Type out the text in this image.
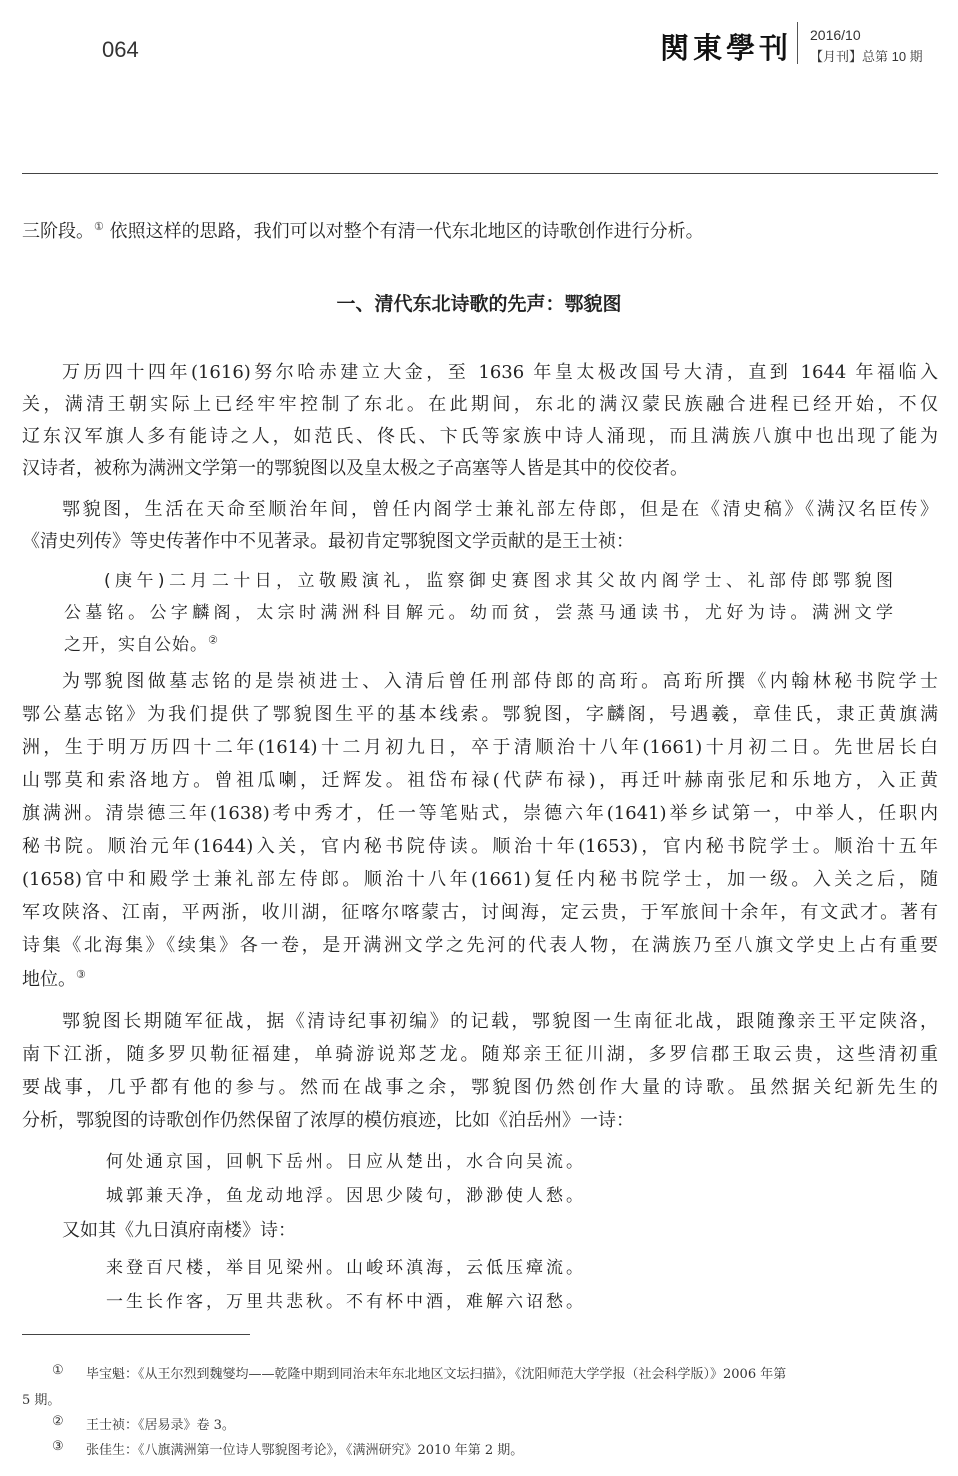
064	関東學刊 2016/10
【月刊】总第 10 期
三阶段。① 依照这样的思路，我们可以对整个有清一代东北地区的诗歌创作进行分析。
一、清代东北诗歌的先声：鄂貌图
万历四十四年(1616)努尔哈赤建立大金，至 1636 年皇太极改国号大清，直到 1644 年福临入
关，满清王朝实际上已经牢牢控制了东北。在此期间，东北的满汉蒙民族融合进程已经开始，不仅
辽东汉军旗人多有能诗之人，如范氏、佟氏、卞氏等家族中诗人涌现，而且满族八旗中也出现了能为
汉诗者，被称为满洲文学第一的鄂貌图以及皇太极之子高塞等人皆是其中的佼佼者。
鄂貌图，生活在天命至顺治年间，曾任内阁学士兼礼部左侍郎，但是在《清史稿》《满汉名臣传》
《清史列传》等史传著作中不见著录。最初肯定鄂貌图文学贡献的是王士祯：
(庚午)二月二十日，立敬殿演礼，监察御史赛图求其父故内阁学士、礼部侍郎鄂貌图
公墓铭。公字麟阁，太宗时满洲科目解元。幼而贫，尝蒸马通读书，尤好为诗。满洲文学
之开，实自公始。②
为鄂貌图做墓志铭的是崇祯进士、入清后曾任刑部侍郎的高珩。高珩所撰《内翰林秘书院学士
鄂公墓志铭》为我们提供了鄂貌图生平的基本线索。鄂貌图，字麟阁，号遇羲，章佳氏，隶正黄旗满
洲，生于明万历四十二年(1614)十二月初九日，卒于清顺治十八年(1661)十月初二日。先世居长白
山鄂莫和索洛地方。曾祖瓜喇，迁辉发。祖岱布禄(代萨布禄)，再迁叶赫南张尼和乐地方，入正黄
旗满洲。清崇德三年(1638)考中秀才，任一等笔贴式，崇德六年(1641)举乡试第一，中举人，任职内
秘书院。顺治元年(1644)入关，官内秘书院侍读。顺治十年(1653)，官内秘书院学士。顺治十五年
(1658)官中和殿学士兼礼部左侍郎。顺治十八年(1661)复任内秘书院学士，加一级。入关之后，随
军攻陕洛、江南，平两浙，收川湖，征喀尔喀蒙古，讨闽海，定云贵，于军旅间十余年，有文武才。著有
诗集《北海集》《续集》各一卷，是开满洲文学之先河的代表人物，在满族乃至八旗文学史上占有重要
地位。③
鄂貌图长期随军征战，据《清诗纪事初编》的记载，鄂貌图一生南征北战，跟随豫亲王平定陕洛，
南下江浙，随多罗贝勒征福建，单骑游说郑芝龙。随郑亲王征川湖，多罗信郡王取云贵，这些清初重
要战事，几乎都有他的参与。然而在战事之余，鄂貌图仍然创作大量的诗歌。虽然据关纪新先生的
分析，鄂貌图的诗歌创作仍然保留了浓厚的模仿痕迹，比如《泊岳州》一诗：
何处通京国，回帆下岳州。日应从楚出，水合向吴流。
城郭兼天净，鱼龙动地浮。因思少陵句，渺渺使人愁。
又如其《九日滇府南楼》诗：
来登百尺楼，举目见梁州。山峻环滇海，云低压瘴流。
一生长作客，万里共悲秋。不有杯中酒，难解六诏愁。
① 毕宝魁：《从王尔烈到魏燮均——乾隆中期到同治末年东北地区文坛扫描》，《沈阳师范大学学报（社会科学版）》2006 年第
5 期。
② 王士祯：《居易录》卷 3。
③ 张佳生：《八旗满洲第一位诗人鄂貌图考论》，《满洲研究》2010 年第 2 期。
